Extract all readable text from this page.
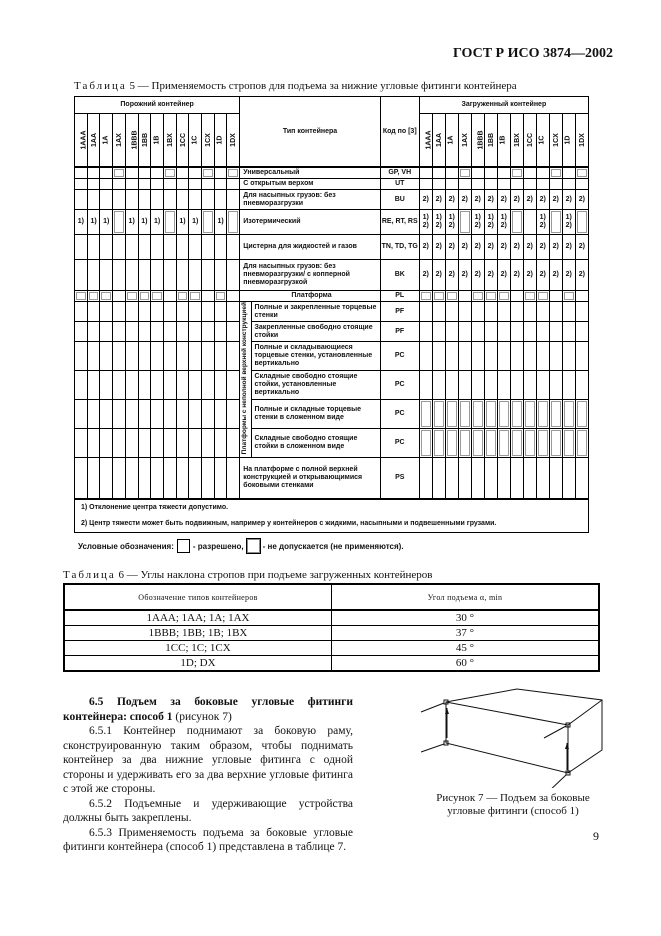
ГОСТ Р ИСО 3874—2002
Таблица 5 — Применяемость стропов для подъема за нижние угловые фитинги контейнера
Порожний контейнер													Тип контейнера		Код по [3]	Загруженный контейнер												
1AAA	1AA	1A	1AX	1BBB	1BB	1B	1BX	1CC	1C	1CX	1D	1DX				1AAA	1AA	1A	1AX	1BBB	1BB	1B	1BX	1CC	1C	1CX	1D	1DX
													Универсальный		GP, VH													
													С открытым верхом		UT													
													Для насыпных грузов: без пневморазгрузки		BU	2)	2)	2)	2)	2)	2)	2)	2)	2)	2)	2)	2)	2)
1)	1)	1)		1)	1)	1)		1)	1)		1)		Изотермический		RE, RT, RS	1) 2)	1) 2)	1) 2)		1) 2)	1) 2)	1) 2)			1) 2)		1) 2)	
													Цистерна для жидкостей и газов		TN, TD, TG	2)	2)	2)	2)	2)	2)	2)	2)	2)	2)	2)	2)	2)
													Для насыпных грузов: без пневморазгрузки/ с копперной пневморазгрузкой		BK	2)	2)	2)	2)	2)	2)	2)	2)	2)	2)	2)	2)	2)
													Платформа		PL													
													Платформы с неполной верхней конструкцией	Полные и закрепленные торцевые стенки	PF													
														Закрепленные свободно стоящие стойки	PF													
														Полные и складывающиеся торцевые стенки, установленные вертикально	PC													
														Складные свободно стоящие стойки, установленные вертикально	PC													
														Полные и складные торцевые стенки в сложенном виде	PC													
														Складные свободно стоящие стойки в сложенном виде	PC													
													На платформе с полной верхней конструкцией и открывающимися боковыми стенками		PS													
1) Отклонение центра тяжести допустимо.																												
2) Центр тяжести может быть подвижным, например у контейнеров с жидкими, насыпными и подвешенными грузами.																												
Условные обозначения: - разрешено, - не допускается (не применяются).
Таблица 6 — Углы наклона стропов при подъеме загруженных контейнеров
Обозначение типов контейнеров	Угол подъема α, min
1AAA; 1AA; 1A; 1AX	30 °
1BBB; 1BB; 1B; 1BX	37 °
1CC; 1C; 1CX	45 °
1D; DX	60 °

6.5 Подъем за боковые угловые фитинги контейнера: способ 1 (рисунок 7)

6.5.1 Контейнер поднимают за боковую раму, сконструированную таким образом, чтобы поднимать контейнер за два нижние угловые фитинга с одной стороны и удерживать его за два верхние угловые фитинга с этой же стороны.

6.5.2 Подъемные и удерживающие устройства должны быть закреплены.

6.5.3 Применяемость подъема за боковые угловые фитинги контейнера (способ 1) представлена в таблице 7.

Рисунок 7 — Подъем за боковые
угловые фитинги (способ 1)
9
